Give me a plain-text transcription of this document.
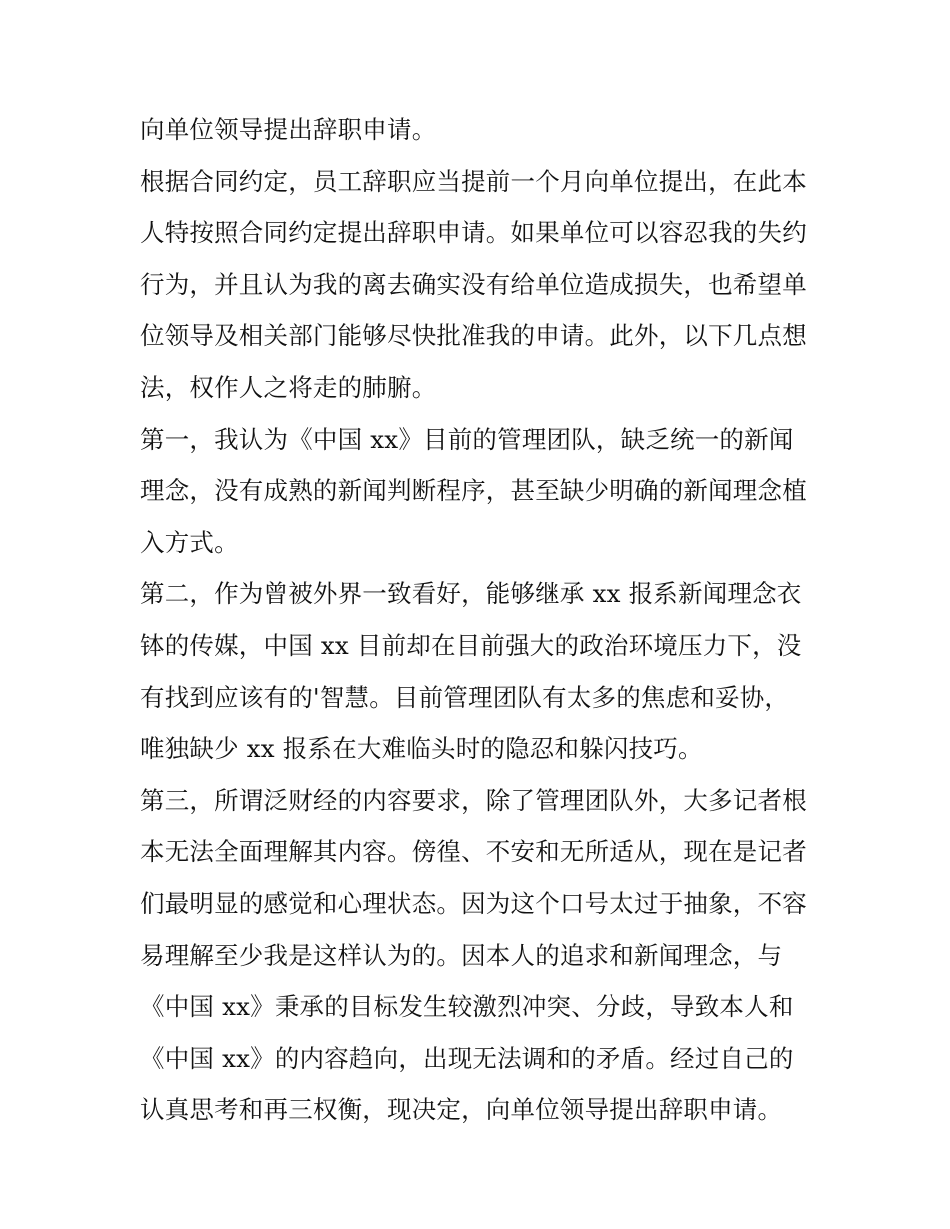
向单位领导提出辞职申请。
根据合同约定，员工辞职应当提前一个月向单位提出，在此本
人特按照合同约定提出辞职申请。如果单位可以容忍我的失约
行为，并且认为我的离去确实没有给单位造成损失，也希望单
位领导及相关部门能够尽快批准我的申请。此外，以下几点想
法，权作人之将走的肺腑。
第一，我认为《中国 xx》目前的管理团队，缺乏统一的新闻
理念，没有成熟的新闻判断程序，甚至缺少明确的新闻理念植
入方式。
第二，作为曾被外界一致看好，能够继承 xx 报系新闻理念衣
钵的传媒，中国 xx 目前却在目前强大的政治环境压力下，没
有找到应该有的'智慧。目前管理团队有太多的焦虑和妥协，
唯独缺少 xx 报系在大难临头时的隐忍和躲闪技巧。
第三，所谓泛财经的内容要求，除了管理团队外，大多记者根
本无法全面理解其内容。傍徨、不安和无所适从，现在是记者
们最明显的感觉和心理状态。因为这个口号太过于抽象，不容
易理解至少我是这样认为的。因本人的追求和新闻理念，与
《中国 xx》秉承的目标发生较激烈冲突、分歧，导致本人和
《中国 xx》的内容趋向，出现无法调和的矛盾。经过自己的
认真思考和再三权衡，现决定，向单位领导提出辞职申请。
